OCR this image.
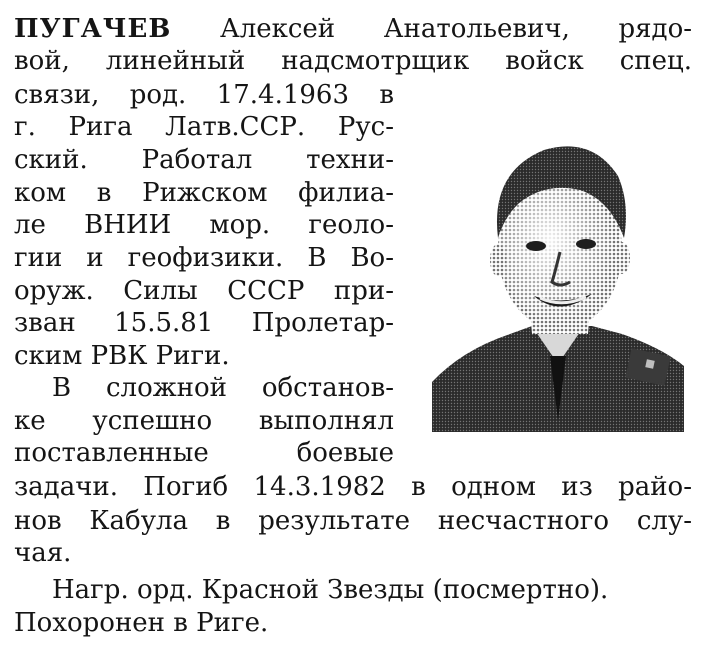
ПУГАЧЕВ Алексей Анатольевич, рядо-
вой, линейный надсмотрщик войск спец.
связи, род. 17.4.1963 в
г. Рига Латв.ССР. Рус-
ский. Работал техни-
ком в Рижском филиа-
ле ВНИИ мор. геоло-
гии и геофизики. В Во-
оруж. Силы СССР при-
зван 15.5.81 Пролетар-
ским РВК Риги.
В сложной обстанов-
ке успешно выполнял
поставленные боевые
задачи. Погиб 14.3.1982 в одном из райо-
нов Кабула в результате несчастного слу-
чая.
Нагр. орд. Красной Звезды (посмертно).
Похоронен в Риге.
